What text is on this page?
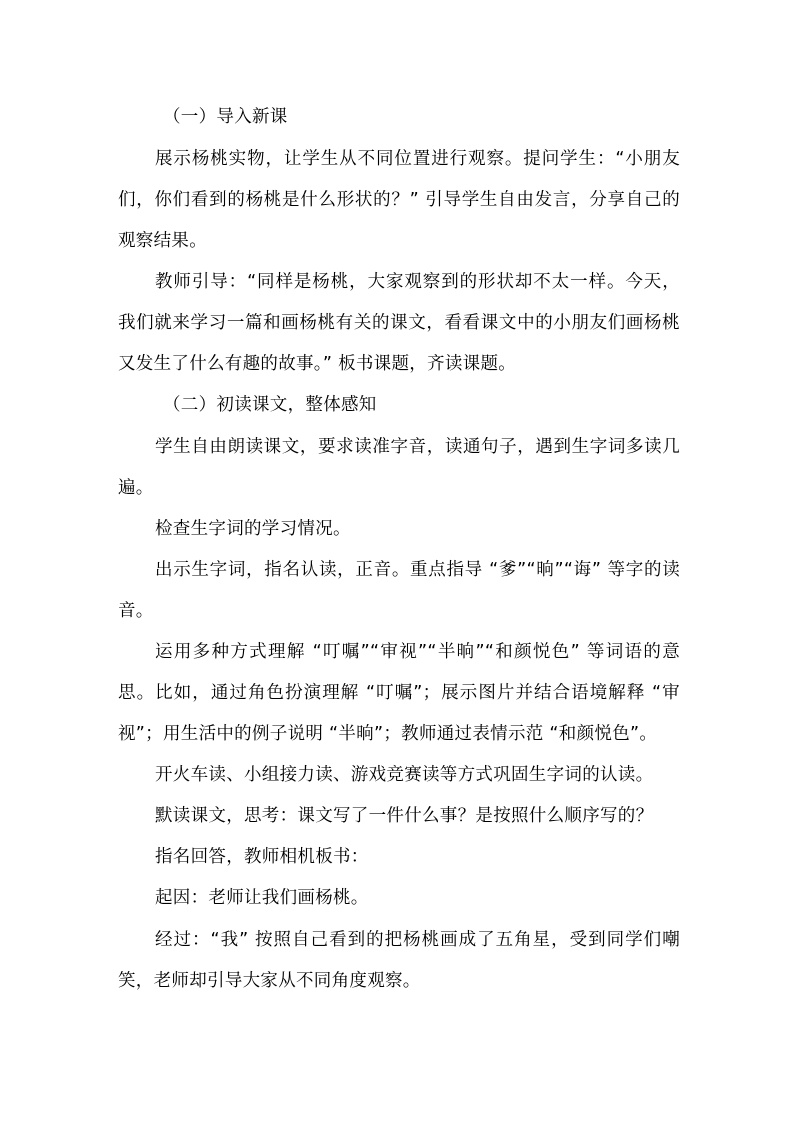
（一）导入新课

展示杨桃实物，让学生从不同位置进行观察。提问学生：“小朋友们，你们看到的杨桃是什么形状的？” 引导学生自由发言，分享自己的观察结果。

教师引导：“同样是杨桃，大家观察到的形状却不太一样。今天，我们就来学习一篇和画杨桃有关的课文，看看课文中的小朋友们画杨桃又发生了什么有趣的故事。” 板书课题，齐读课题。

（二）初读课文，整体感知

学生自由朗读课文，要求读准字音，读通句子，遇到生字词多读几遍。

检查生字词的学习情况。

出示生字词，指名认读，正音。重点指导 “爹”“晌”“诲” 等字的读音。

运用多种方式理解 “叮嘱”“审视”“半晌”“和颜悦色” 等词语的意思。比如，通过角色扮演理解 “叮嘱”；展示图片并结合语境解释 “审视”；用生活中的例子说明 “半晌”；教师通过表情示范 “和颜悦色”。

开火车读、小组接力读、游戏竞赛读等方式巩固生字词的认读。

默读课文，思考：课文写了一件什么事？是按照什么顺序写的？

指名回答，教师相机板书：

起因：老师让我们画杨桃。

经过：“我” 按照自己看到的把杨桃画成了五角星，受到同学们嘲笑，老师却引导大家从不同角度观察。
